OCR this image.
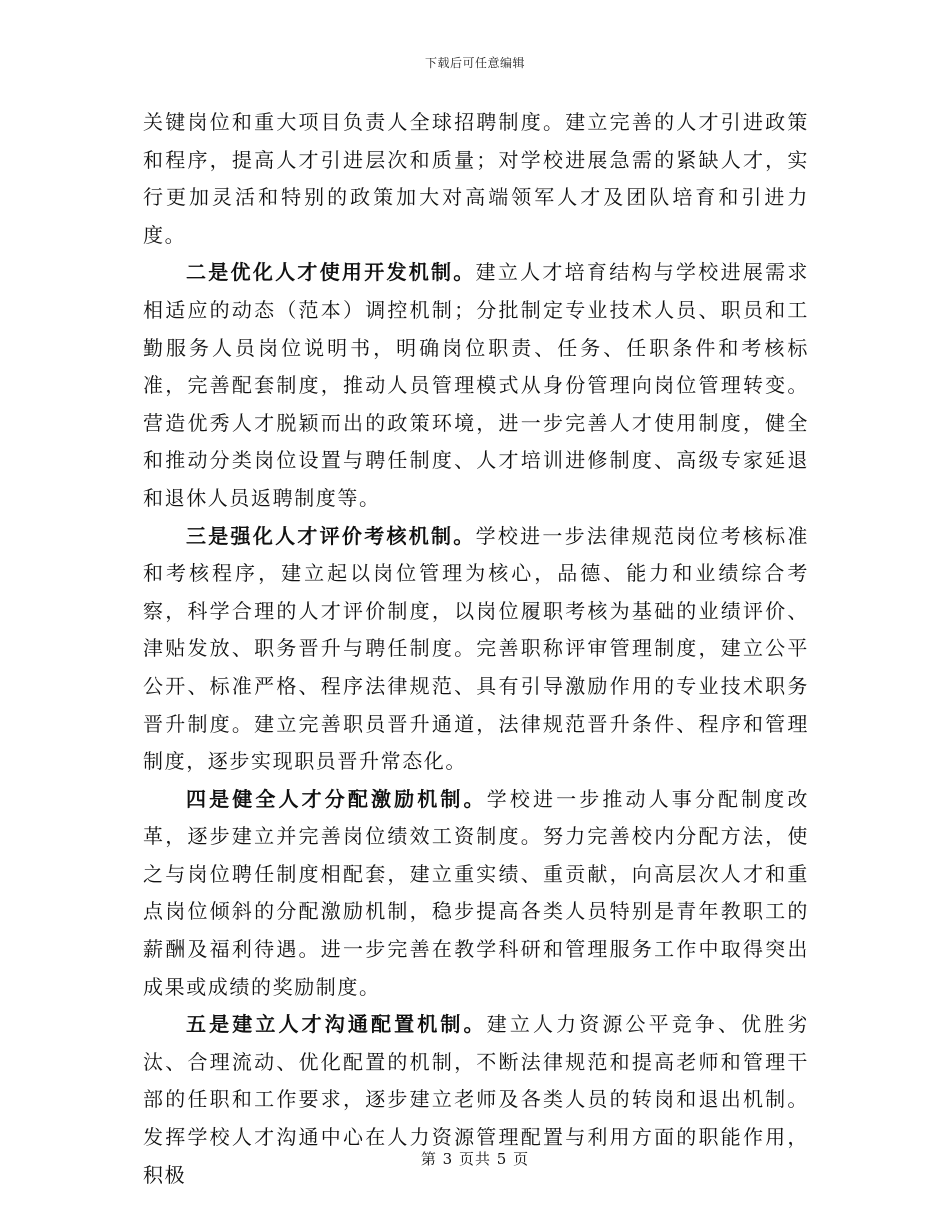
下载后可任意编辑

关键岗位和重大项目负责人全球招聘制度。建立完善的人才引进政策和程序，提高人才引进层次和质量；对学校进展急需的紧缺人才，实行更加灵活和特别的政策加大对高端领军人才及团队培育和引进力度。

二是优化人才使用开发机制。建立人才培育结构与学校进展需求相适应的动态（范本）调控机制；分批制定专业技术人员、职员和工勤服务人员岗位说明书，明确岗位职责、任务、任职条件和考核标准，完善配套制度，推动人员管理模式从身份管理向岗位管理转变。营造优秀人才脱颖而出的政策环境，进一步完善人才使用制度，健全和推动分类岗位设置与聘任制度、人才培训进修制度、高级专家延退和退休人员返聘制度等。

三是强化人才评价考核机制。学校进一步法律规范岗位考核标准和考核程序，建立起以岗位管理为核心，品德、能力和业绩综合考察，科学合理的人才评价制度，以岗位履职考核为基础的业绩评价、津贴发放、职务晋升与聘任制度。完善职称评审管理制度，建立公平公开、标准严格、程序法律规范、具有引导激励作用的专业技术职务晋升制度。建立完善职员晋升通道，法律规范晋升条件、程序和管理制度，逐步实现职员晋升常态化。

四是健全人才分配激励机制。学校进一步推动人事分配制度改革，逐步建立并完善岗位绩效工资制度。努力完善校内分配方法，使之与岗位聘任制度相配套，建立重实绩、重贡献，向高层次人才和重点岗位倾斜的分配激励机制，稳步提高各类人员特别是青年教职工的薪酬及福利待遇。进一步完善在教学科研和管理服务工作中取得突出成果或成绩的奖励制度。

五是建立人才沟通配置机制。建立人力资源公平竞争、优胜劣汰、合理流动、优化配置的机制，不断法律规范和提高老师和管理干部的任职和工作要求，逐步建立老师及各类人员的转岗和退出机制。发挥学校人才沟通中心在人力资源管理配置与利用方面的职能作用，积极

第 3 页共 5 页
